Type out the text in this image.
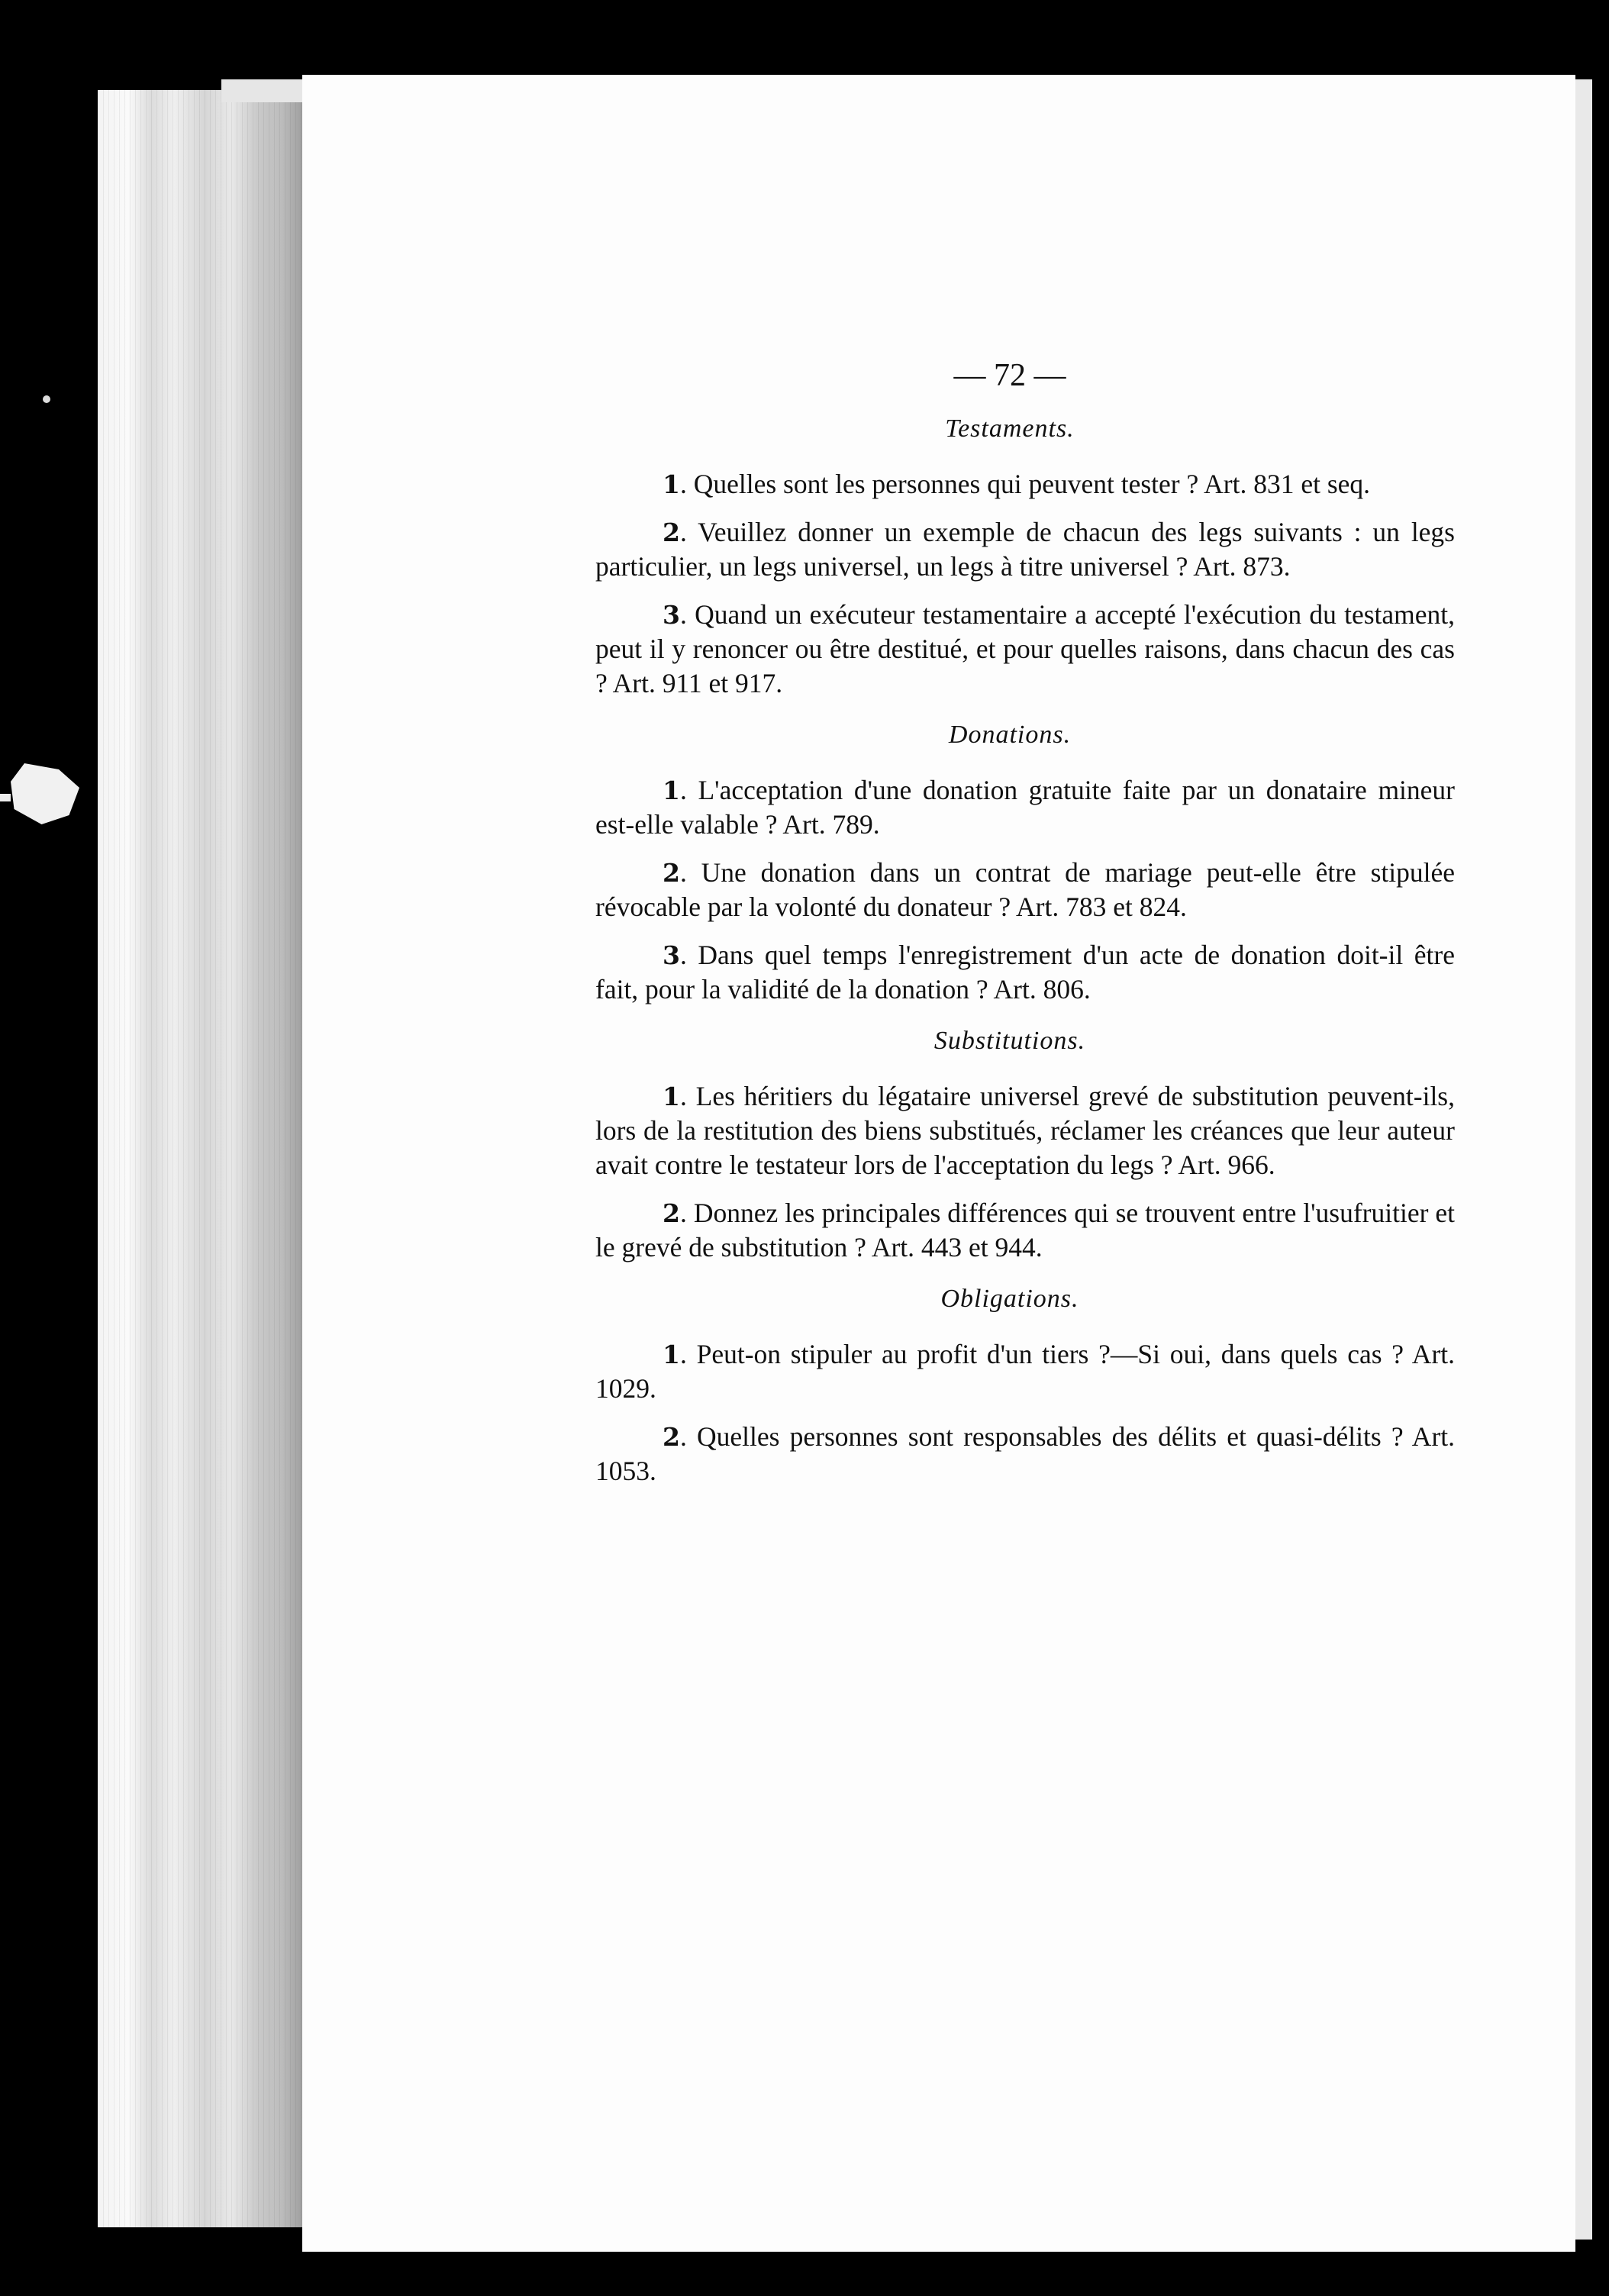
— 72 —
Testaments.

1. Quelles sont les personnes qui peuvent tester ? Art. 831 et seq.

2. Veuillez donner un exemple de chacun des legs suivants : un legs particulier, un legs universel, un legs à titre universel ? Art. 873.

3. Quand un exécuteur testamentaire a accepté l'exécution du testament, peut il y renoncer ou être destitué, et pour quelles raisons, dans chacun des cas ? Art. 911 et 917.

Donations.

1. L'acceptation d'une donation gratuite faite par un donataire mineur est-elle valable ? Art. 789.

2. Une donation dans un contrat de mariage peut-elle être stipulée révocable par la volonté du donateur ? Art. 783 et 824.

3. Dans quel temps l'enregistrement d'un acte de donation doit-il être fait, pour la validité de la donation ? Art. 806.

Substitutions.

1. Les héritiers du légataire universel grevé de substitution peuvent-ils, lors de la restitution des biens substitués, réclamer les créances que leur auteur avait contre le testateur lors de l'acceptation du legs ? Art. 966.

2. Donnez les principales différences qui se trouvent entre l'usufruitier et le grevé de substitution ? Art. 443 et 944.

Obligations.

1. Peut-on stipuler au profit d'un tiers ?—Si oui, dans quels cas ? Art. 1029.

2. Quelles personnes sont responsables des délits et quasi-délits ? Art. 1053.
